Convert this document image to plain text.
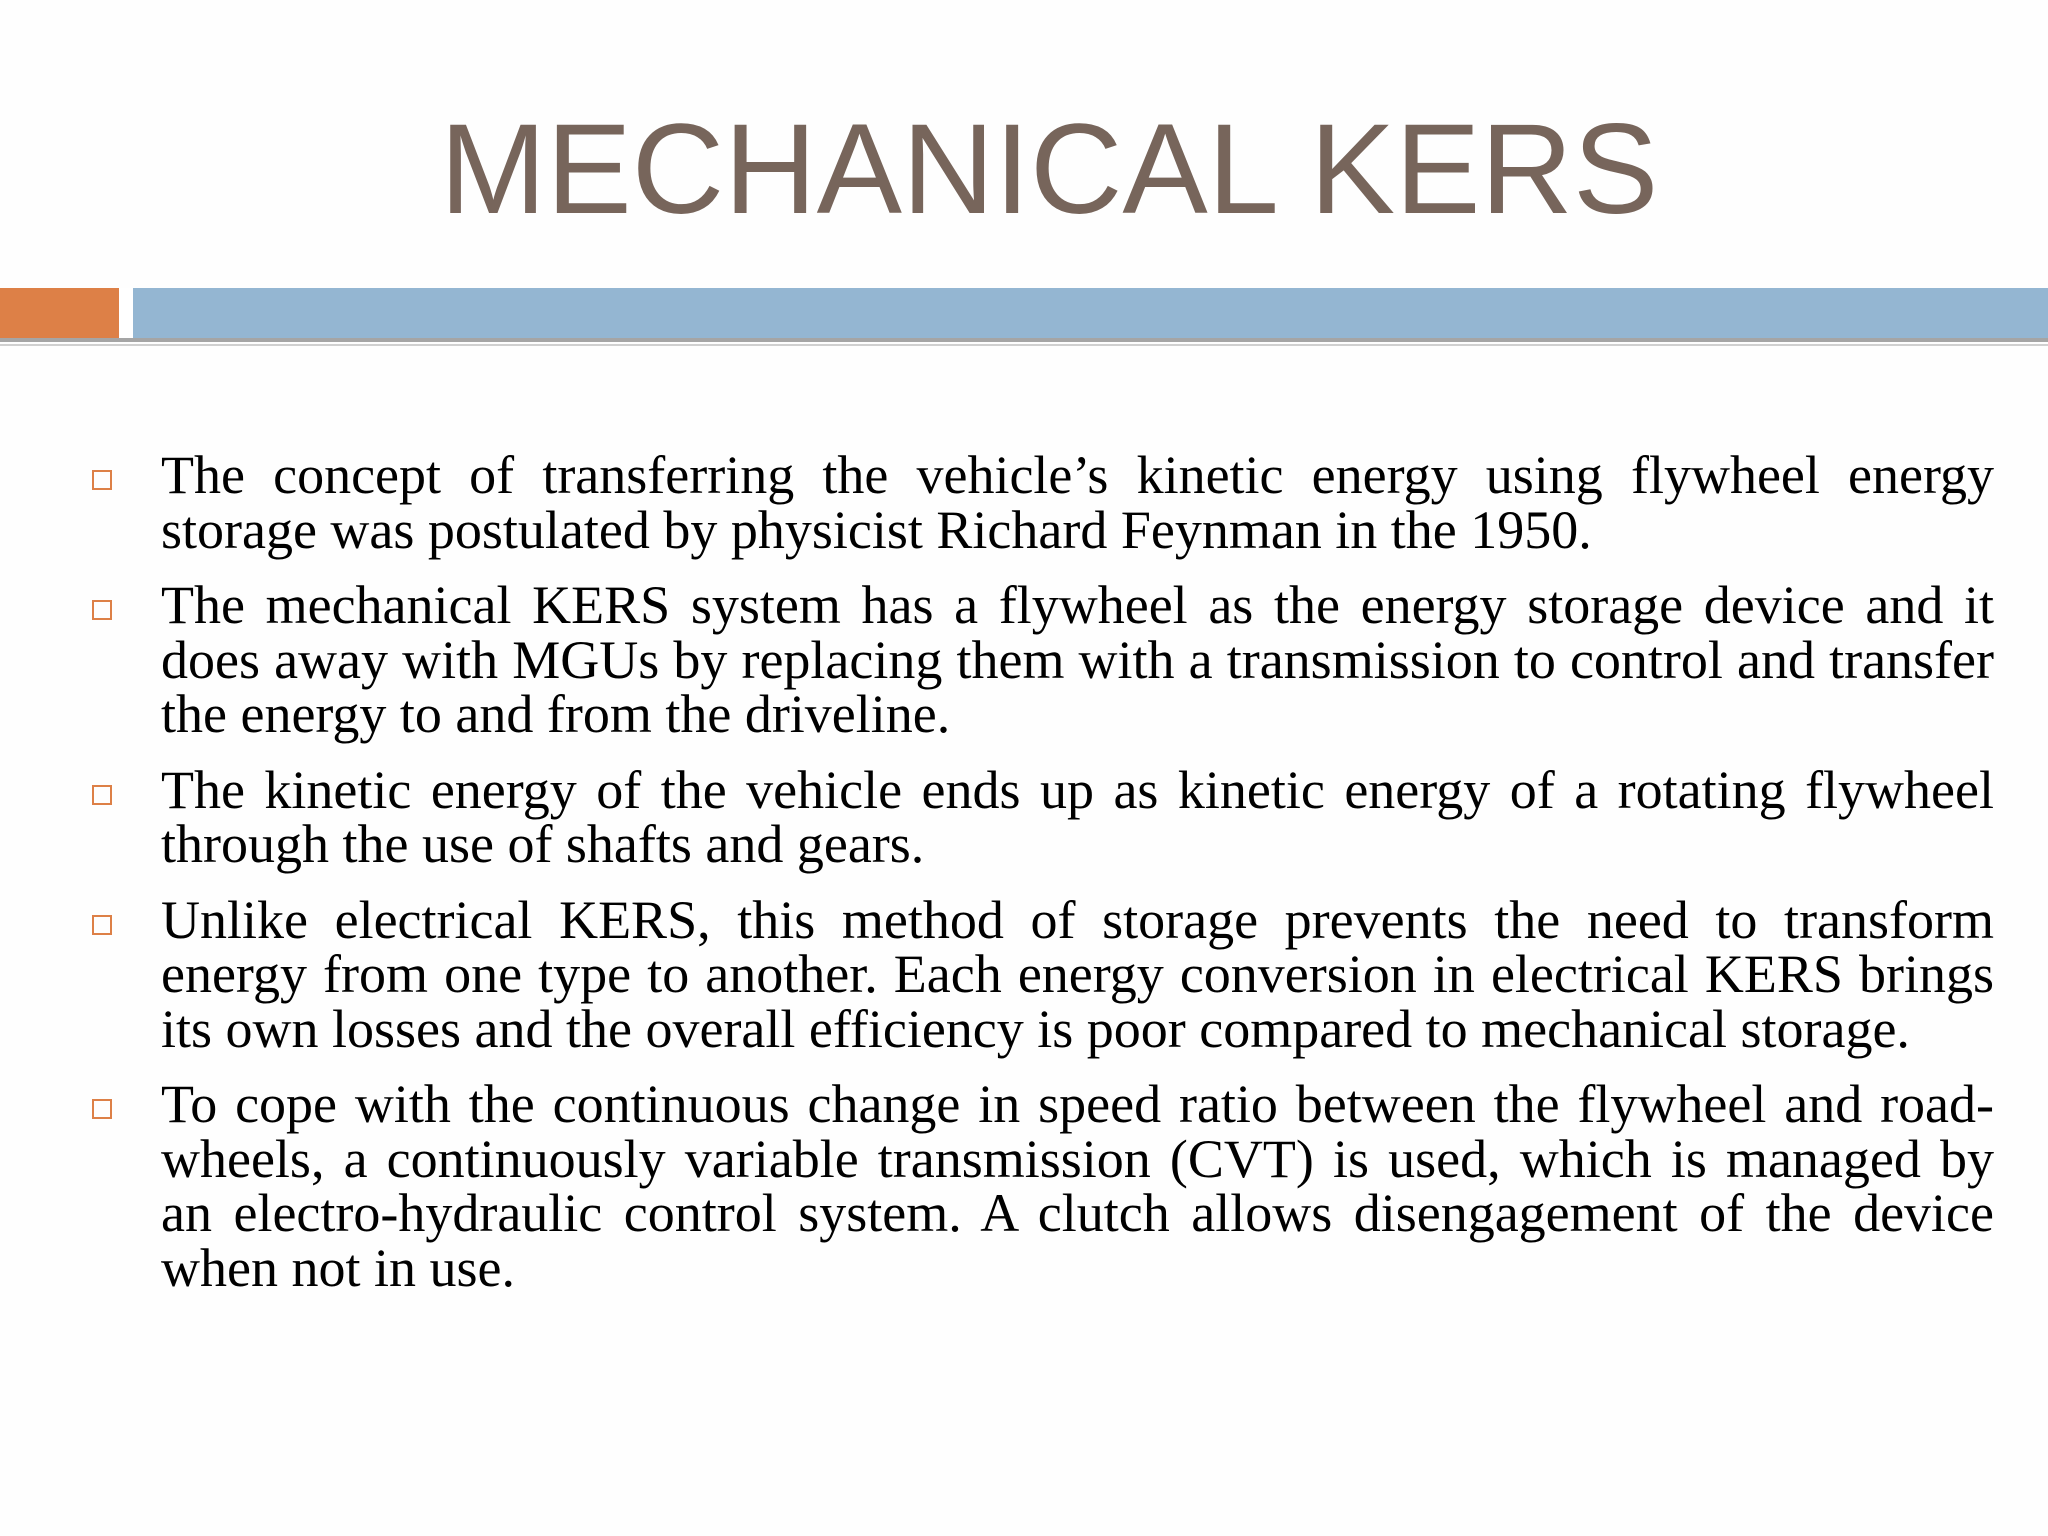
MECHANICAL KERS
The concept of transferring the vehicle’s kinetic energy using flywheel energy storage was postulated by physicist Richard Feynman in the 1950.
The mechanical KERS system has a flywheel as the energy storage device and it does away with MGUs by replacing them with a transmission to control and transfer the energy to and from the driveline.
The kinetic energy of the vehicle ends up as kinetic energy of a rotating flywheel through the use of shafts and gears.
Unlike electrical KERS, this method of storage prevents the need to transform energy from one type to another. Each energy conversion in electrical KERS brings its own losses and the overall efficiency is poor compared to mechanical storage.
To cope with the continuous change in speed ratio between the flywheel and road-wheels, a continuously variable transmission (CVT) is used, which is managed by an electro-hydraulic control system. A clutch allows disengagement of the device when not in use.
